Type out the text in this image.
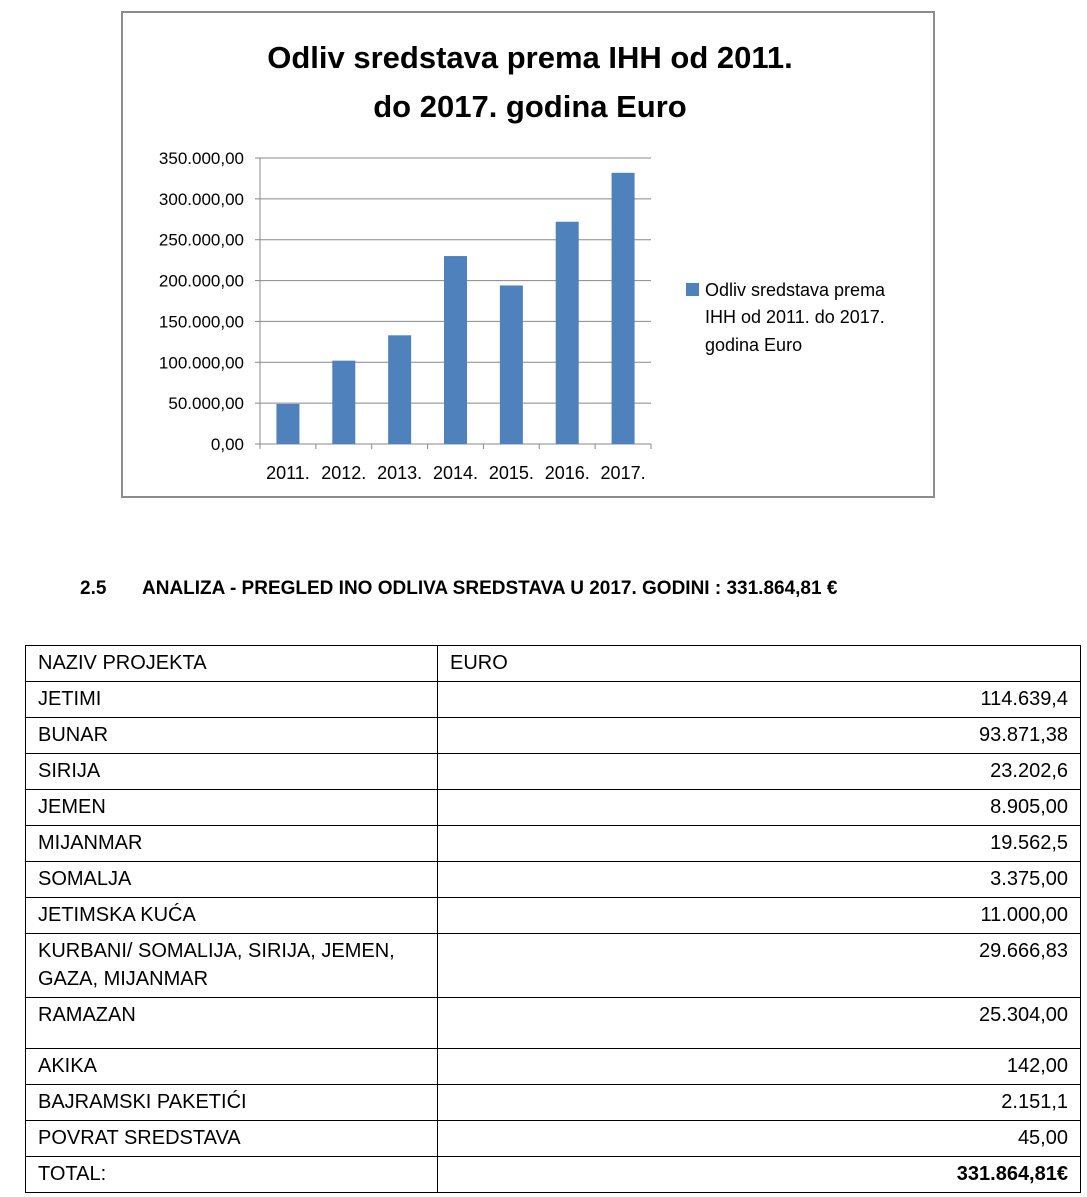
Odliv sredstava prema IHH od 2011.
do 2017. godina Euro
0,00
50.000,00
100.000,00
150.000,00
200.000,00
250.000,00
300.000,00
350.000,00
2011. 2012. 2013. 2014. 2015. 2016. 2017.
Odliv sredstava prema
IHH od 2011. do 2017.
godina Euro
2.5 ANALIZA - PREGLED INO ODLIVA SREDSTAVA U 2017. GODINI : 331.864,81 €
NAZIV PROJEKTA	EURO
JETIMI	114.639,4
BUNAR	93.871,38
SIRIJA	23.202,6
JEMEN	8.905,00
MIJANMAR	19.562,5
SOMALJA	3.375,00
JETIMSKA KUĆA	11.000,00
KURBANI/ SOMALIJA, SIRIJA, JEMEN, GAZA, MIJANMAR	29.666,83
RAMAZAN	25.304,00
AKIKA	142,00
BAJRAMSKI PAKETIĆI	2.151,1
POVRAT SREDSTAVA	45,00
TOTAL:	331.864,81€
